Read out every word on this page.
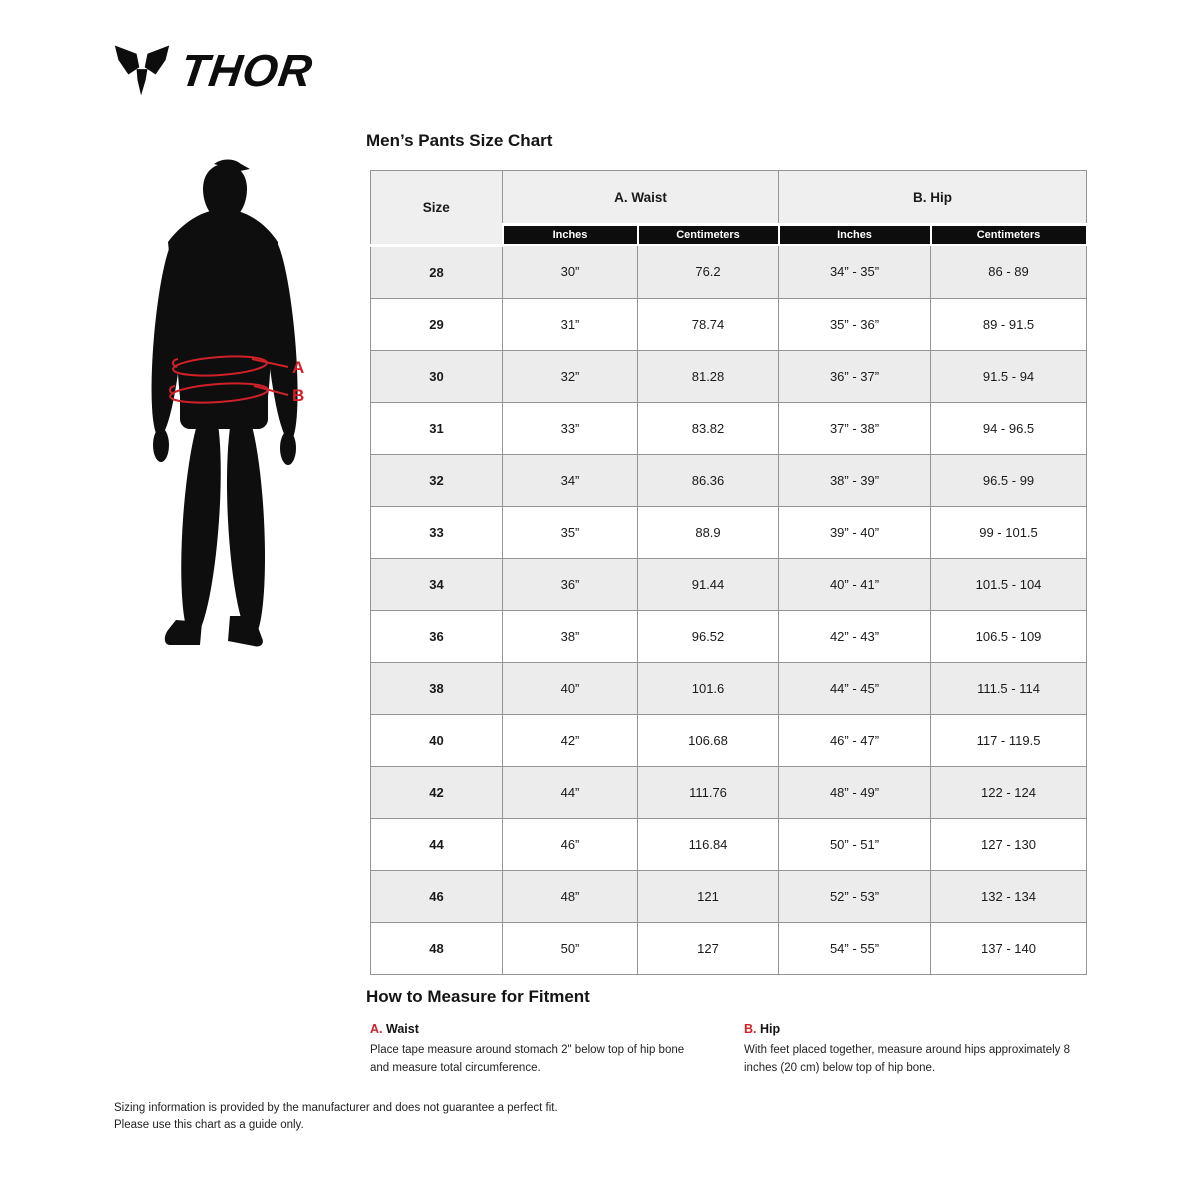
THOR
A
B
Men’s Pants Size Chart
Size	A. Waist		B. Hip	
	Inches	Centimeters	Inches	Centimeters
28	30”	76.2	34” - 35”	86 - 89
29	31”	78.74	35” - 36”	89 - 91.5
30	32”	81.28	36” - 37”	91.5 - 94
31	33”	83.82	37” - 38”	94 - 96.5
32	34”	86.36	38” - 39”	96.5 - 99
33	35”	88.9	39” - 40”	99 - 101.5
34	36”	91.44	40” - 41”	101.5 - 104
36	38”	96.52	42” - 43”	106.5 - 109
38	40”	101.6	44” - 45”	111.5 - 114
40	42”	106.68	46” - 47”	117 - 119.5
42	44”	111.76	48” - 49”	122 - 124
44	46”	116.84	50” - 51”	127 - 130
46	48”	121	52” - 53”	132 - 134
48	50”	127	54” - 55”	137 - 140
How to Measure for Fitment
A. Waist

Place tape measure around stomach 2" below top of hip bone and measure total circumference.

B. Hip

With feet placed together, measure around hips approximately 8 inches (20 cm) below top of hip bone.

Sizing information is provided by the manufacturer and does not guarantee a perfect fit.
Please use this chart as a guide only.
